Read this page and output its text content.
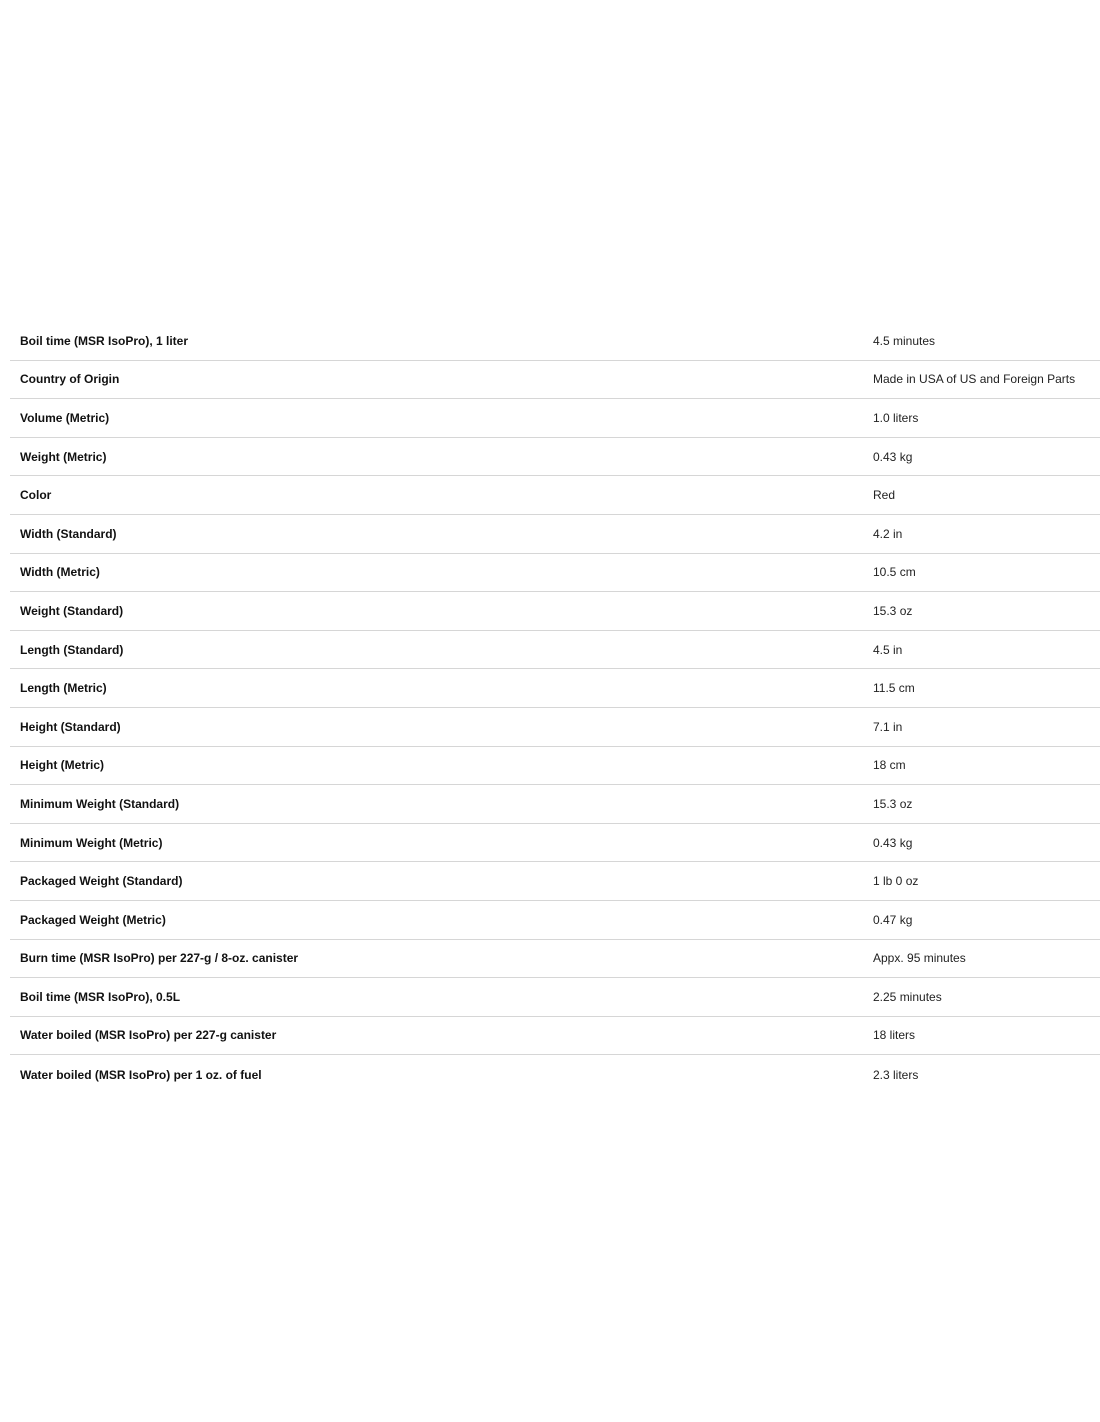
Boil time (MSR IsoPro), 1 liter	4.5 minutes
Country of Origin	Made in USA of US and Foreign Parts
Volume (Metric)	1.0 liters
Weight (Metric)	0.43 kg
Color	Red
Width (Standard)	4.2 in
Width (Metric)	10.5 cm
Weight (Standard)	15.3 oz
Length (Standard)	4.5 in
Length (Metric)	11.5 cm
Height (Standard)	7.1 in
Height (Metric)	18 cm
Minimum Weight (Standard)	15.3 oz
Minimum Weight (Metric)	0.43 kg
Packaged Weight (Standard)	1 lb 0 oz
Packaged Weight (Metric)	0.47 kg
Burn time (MSR IsoPro) per 227-g / 8-oz. canister	Appx. 95 minutes
Boil time (MSR IsoPro), 0.5L	2.25 minutes
Water boiled (MSR IsoPro) per 227-g canister	18 liters
Water boiled (MSR IsoPro) per 1 oz. of fuel	2.3 liters
